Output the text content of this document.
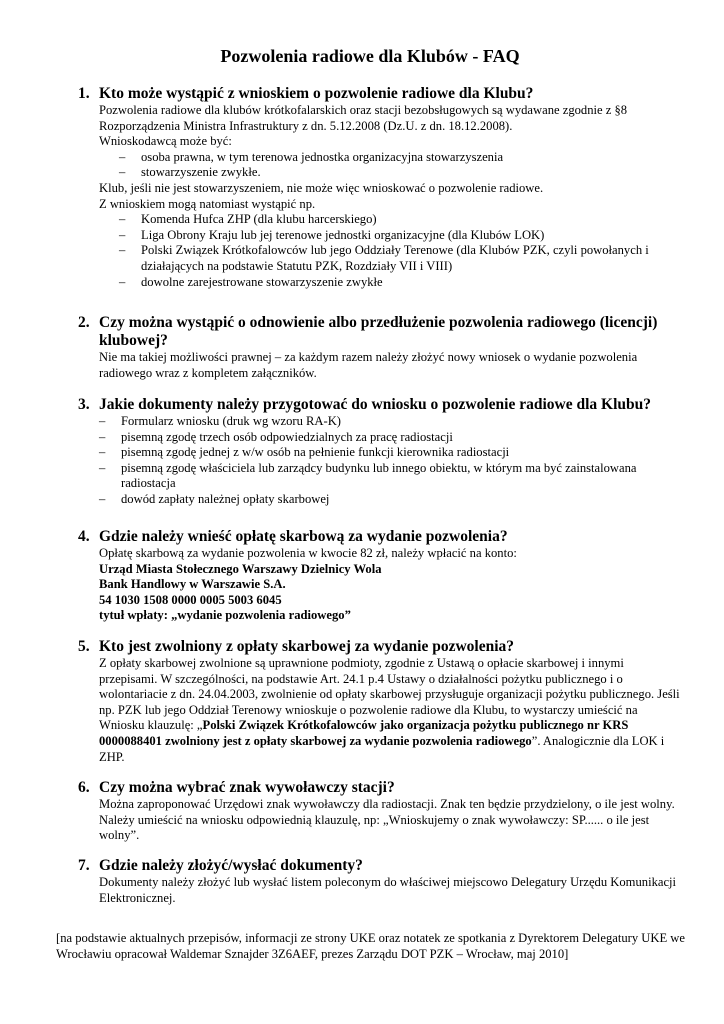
Pozwolenia radiowe dla Klubów - FAQ
1. Kto może wystąpić z wnioskiem o pozwolenie radiowe dla Klubu?

Pozwolenia radiowe dla klubów krótkofalarskich oraz stacji bezobsługowych są wydawane zgodnie z §8 Rozporządzenia Ministra Infrastruktury z dn. 5.12.2008 (Dz.U. z dn. 18.12.2008).

Wnioskodawcą może być:

– osoba prawna, w tym terenowa jednostka organizacyjna stowarzyszenia
– stowarzyszenie zwykłe.

Klub, jeśli nie jest stowarzyszeniem, nie może więc wnioskować o pozwolenie radiowe.

Z wnioskiem mogą natomiast wystąpić np.

– Komenda Hufca ZHP (dla klubu harcerskiego)
– Liga Obrony Kraju lub jej terenowe jednostki organizacyjne (dla Klubów LOK)
– Polski Związek Krótkofalowców lub jego Oddziały Terenowe (dla Klubów PZK, czyli powołanych i działających na podstawie Statutu PZK, Rozdziały VII i VIII)
– dowolne zarejestrowane stowarzyszenie zwykłe
2. Czy można wystąpić o odnowienie albo przedłużenie pozwolenia radiowego (licencji) klubowej?

Nie ma takiej możliwości prawnej – za każdym razem należy złożyć nowy wniosek o wydanie pozwolenia radiowego wraz z kompletem załączników.

3. Jakie dokumenty należy przygotować do wniosku o pozwolenie radiowe dla Klubu?
– Formularz wniosku (druk wg wzoru RA-K)
– pisemną zgodę trzech osób odpowiedzialnych za pracę radiostacji
– pisemną zgodę jednej z w/w osób na pełnienie funkcji kierownika radiostacji
– pisemną zgodę właściciela lub zarządcy budynku lub innego obiektu, w którym ma być zainstalowana radiostacja
– dowód zapłaty należnej opłaty skarbowej
4. Gdzie należy wnieść opłatę skarbową za wydanie pozwolenia?

Opłatę skarbową za wydanie pozwolenia w kwocie 82 zł, należy wpłacić na konto:

Urząd Miasta Stołecznego Warszawy Dzielnicy Wola

Bank Handlowy w Warszawie S.A.

54 1030 1508 0000 0005 5003 6045

tytuł wpłaty: „wydanie pozwolenia radiowego”

5. Kto jest zwolniony z opłaty skarbowej za wydanie pozwolenia?

Z opłaty skarbowej zwolnione są uprawnione podmioty, zgodnie z Ustawą o opłacie skarbowej i innymi przepisami. W szczególności, na podstawie Art. 24.1 p.4 Ustawy o działalności pożytku publicznego i o wolontariacie z dn. 24.04.2003, zwolnienie od opłaty skarbowej przysługuje organizacji pożytku publicznego. Jeśli np. PZK lub jego Oddział Terenowy wnioskuje o pozwolenie radiowe dla Klubu, to wystarczy umieścić na Wniosku klauzulę: „Polski Związek Krótkofalowców jako organizacja pożytku publicznego nr KRS 0000088401 zwolniony jest z opłaty skarbowej za wydanie pozwolenia radiowego”. Analogicznie dla LOK i ZHP.

6. Czy można wybrać znak wywoławczy stacji?

Można zaproponować Urzędowi znak wywoławczy dla radiostacji. Znak ten będzie przydzielony, o ile jest wolny. Należy umieścić na wniosku odpowiednią klauzulę, np: „Wnioskujemy o znak wywoławczy: SP...... o ile jest wolny”.

7. Gdzie należy złożyć/wysłać dokumenty?

Dokumenty należy złożyć lub wysłać listem poleconym do właściwej miejscowo Delegatury Urzędu Komunikacji Elektronicznej.

[na podstawie aktualnych przepisów, informacji ze strony UKE oraz notatek ze spotkania z Dyrektorem Delegatury UKE we Wrocławiu opracował Waldemar Sznajder 3Z6AEF, prezes Zarządu DOT PZK – Wrocław, maj 2010]
